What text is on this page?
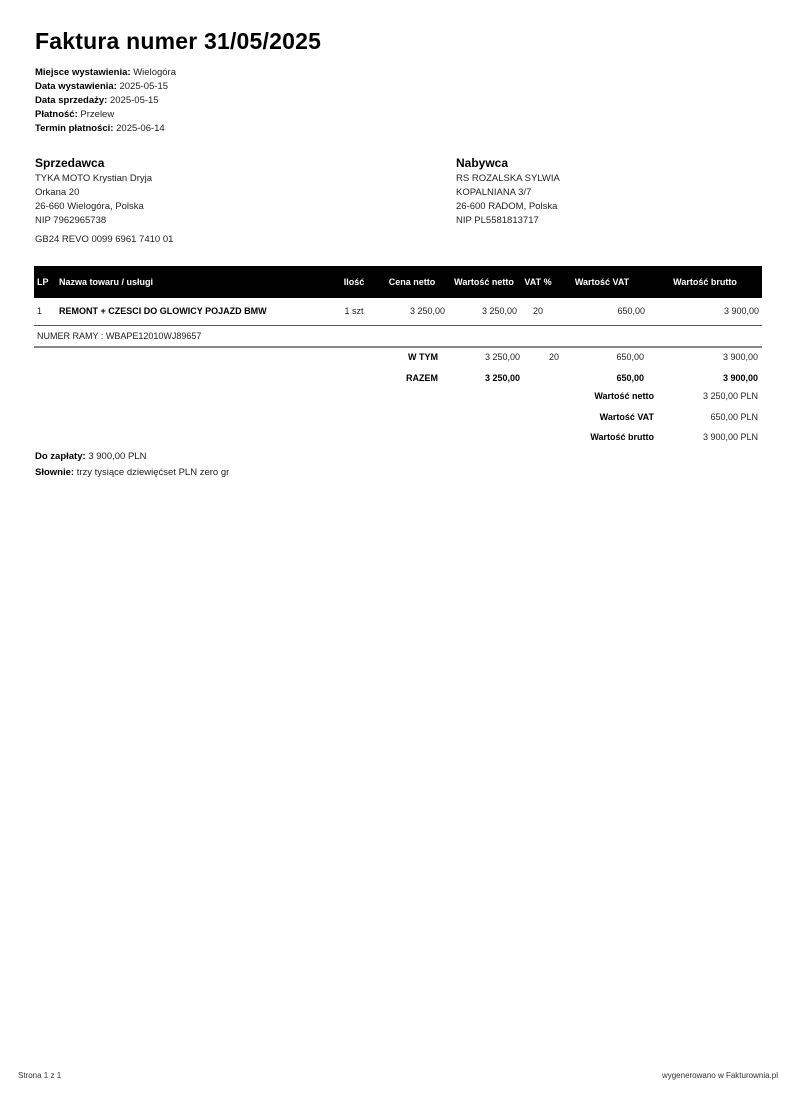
Faktura numer 31/05/2025
Miejsce wystawienia: Wielogóra
Data wystawienia: 2025-05-15
Data sprzedaży: 2025-05-15
Płatność: Przelew
Termin płatności: 2025-06-14
Sprzedawca
TYKA MOTO Krystian Dryja
Orkana 20
26-660 Wielogóra, Polska
NIP 7962965738
GB24 REVO 0099 6961 7410 01
Nabywca
RS ROZALSKA SYLWIA
KOPALNIANA 3/7
26-600 RADOM, Polska
NIP PL5581813717
LP	Nazwa towaru / usługi	Ilość	Cena netto	Wartość netto	VAT %	Wartość VAT	Wartość brutto
1	REMONT + CZESCI DO GLOWICY POJAZD BMW	1 szt	3 250,00	3 250,00	20	650,00	3 900,00
NUMER RAMY : WBAPE12010WJ89657							
W TYM	3 250,00	20	650,00	3 900,00
RAZEM	3 250,00	650,00	3 900,00
Wartość netto	3 250,00 PLN
Wartość VAT	650,00 PLN
Wartość brutto	3 900,00 PLN
Do zapłaty: 3 900,00 PLN
Słownie: trzy tysiące dziewięćset PLN zero gr
Strona 1 z 1	wygenerowano w Fakturownia.pl
